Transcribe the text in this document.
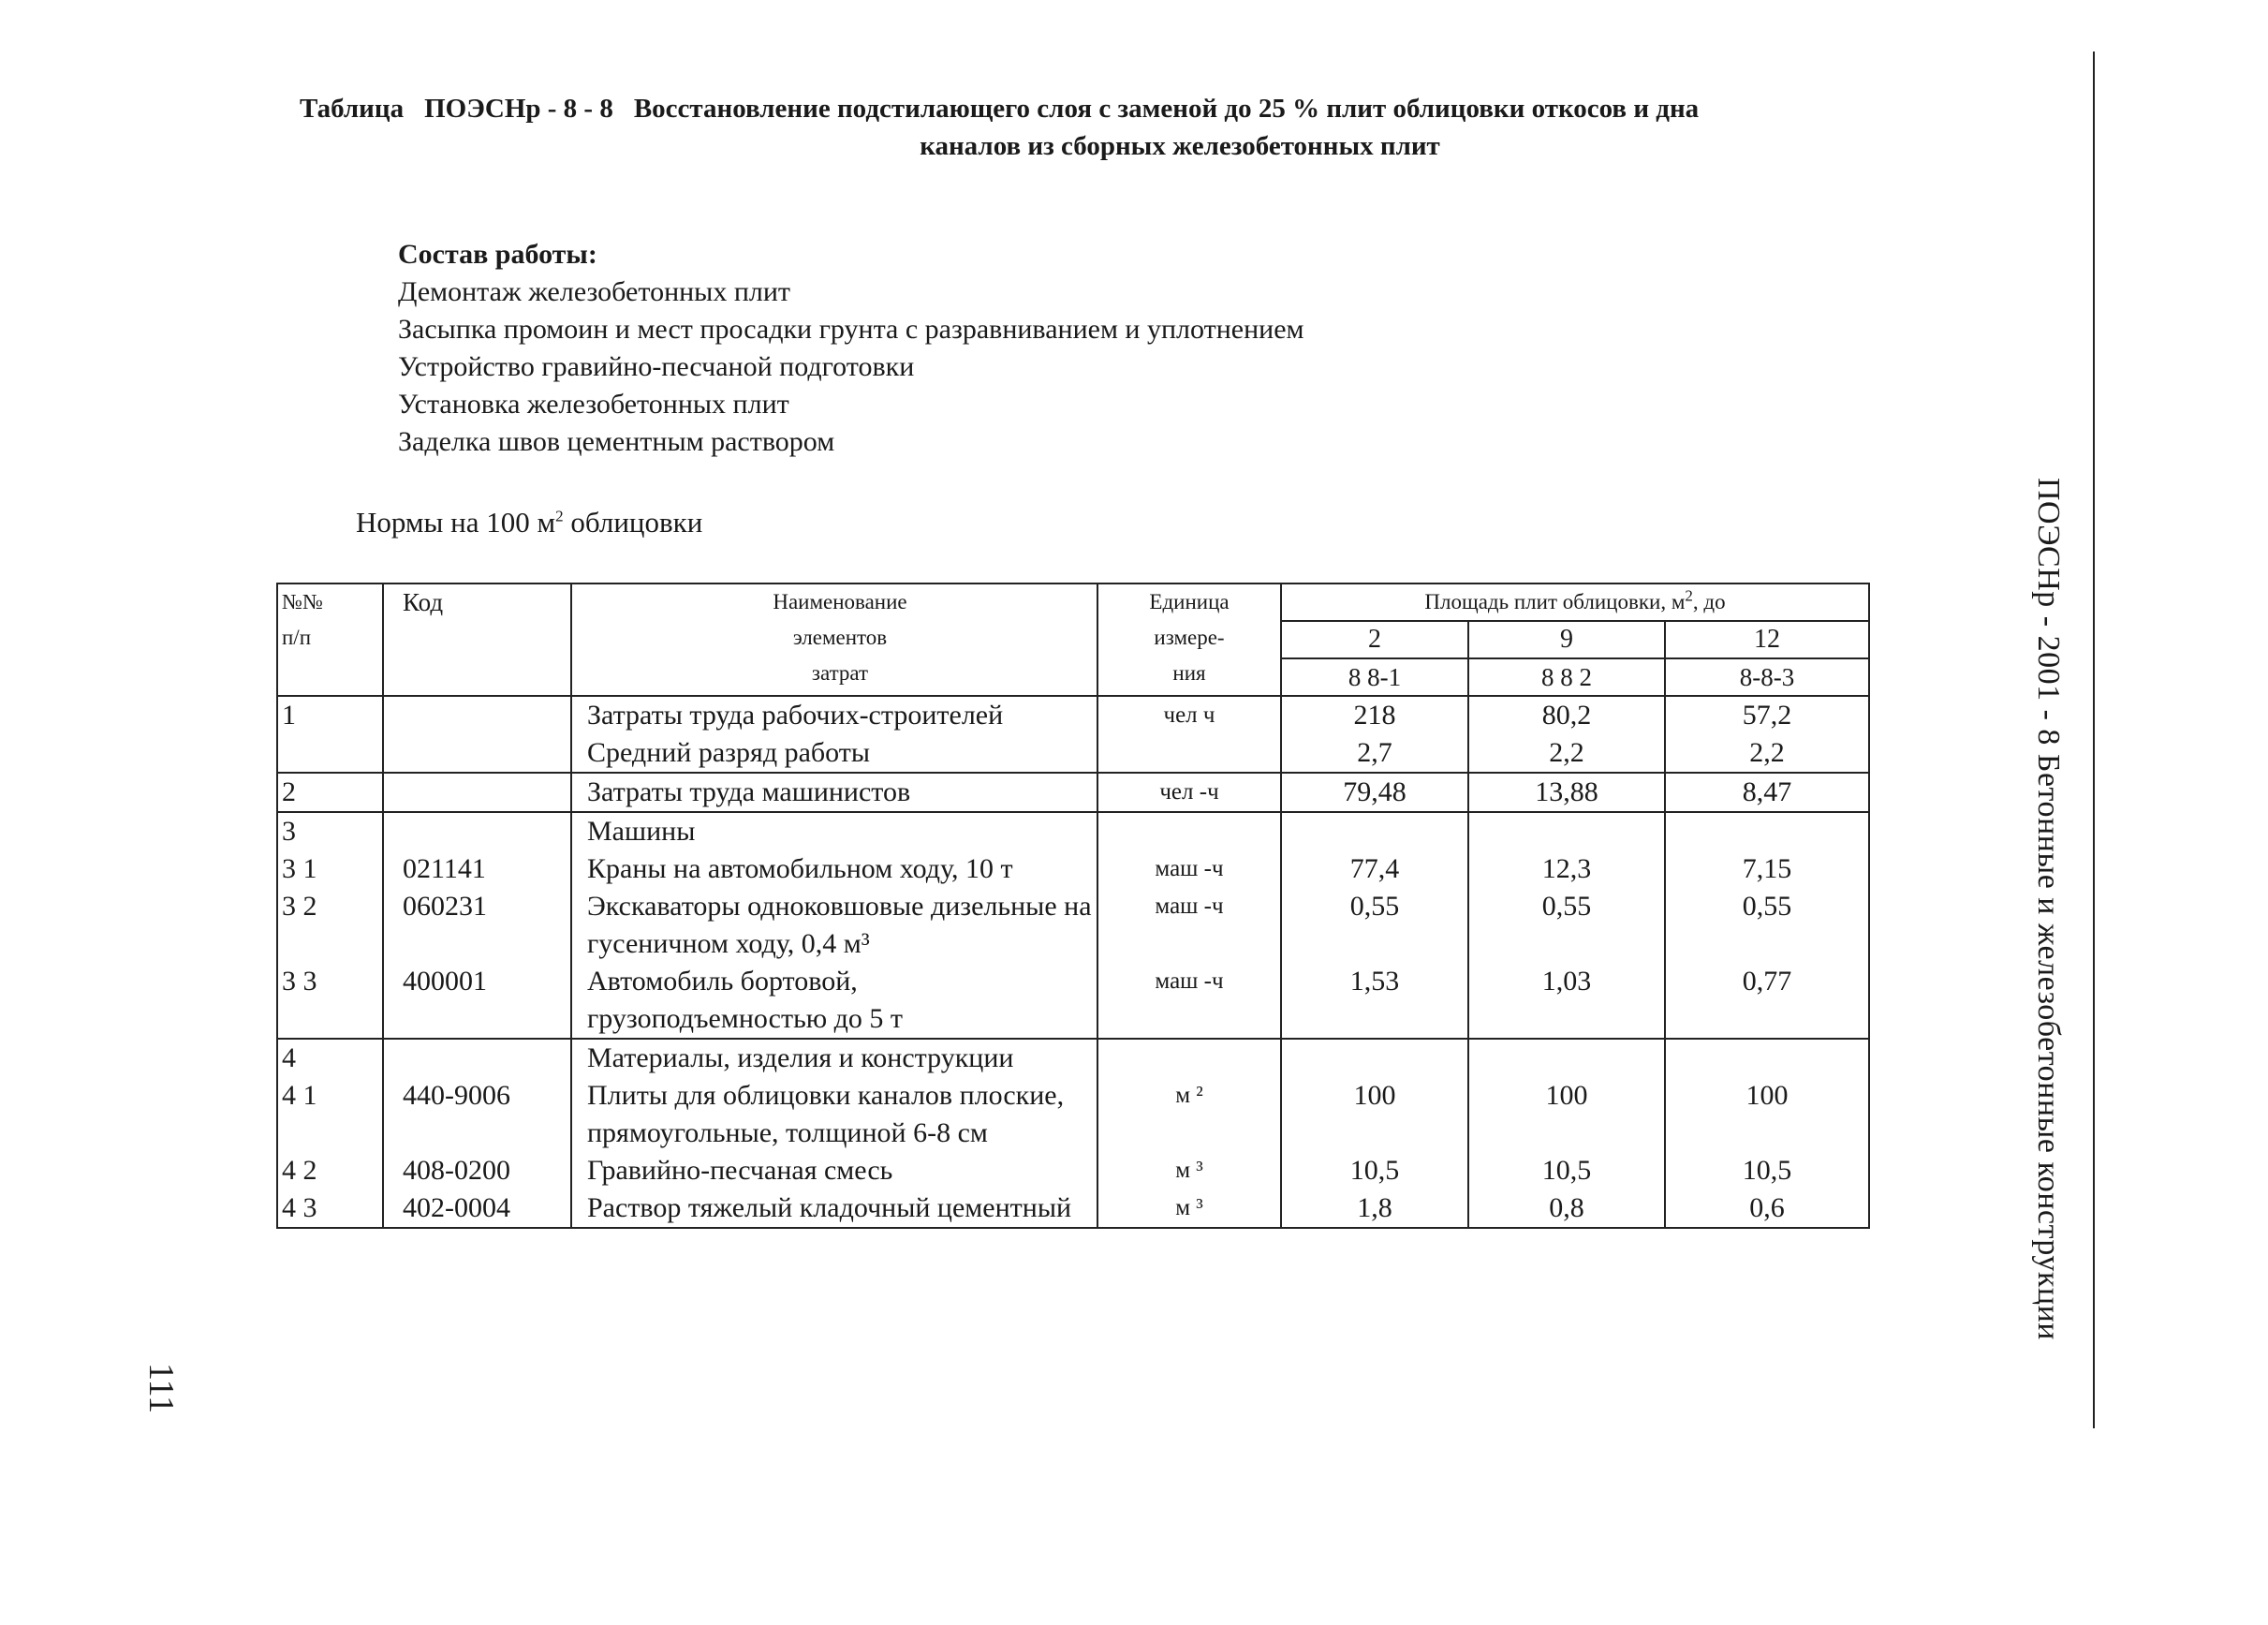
Таблица ПОЭСНр - 8 - 8 Восстановление подстилающего слоя с заменой до 25 % плит облицовки откосов и дна
каналов из сборных железобетонных плит
Состав работы:
Демонтаж железобетонных плит
Засыпка промоин и мест просадки грунта с разравниванием и уплотнением
Устройство гравийно-песчаной подготовки
Установка железобетонных плит
Заделка швов цементным раствором
Нормы на 100 $м^2$ облицовки	ПОЭСНр - 2001 - 8 Бетонные и железобетонные конструкции
111
№№
п/п	Код	Наименование
элементов
затрат	Единица
измере-
ния	Площадь плит облицовки, $м^2$, до		
				2	9	12
				8 8-1	8 8 2	8-8-3
1		Затраты труда рабочих-строителей	чел ч	218	80,2	57,2
		Средний разряд работы		2,7	2,2	2,2
2		Затраты труда машинистов	чел -ч	79,48	13,88	8,47
3		Машины				
3 1	021141	Краны на автомобильном ходу, 10 т	маш -ч	77,4	12,3	7,15
3 2	060231	Экскаваторы одноковшовые дизельные на гусеничном ходу, 0,4 м³	маш -ч	0,55	0,55	0,55
3 3	400001	Автомобиль бортовой, грузоподъемностью до 5 т	маш -ч	1,53	1,03	0,77
4		Материалы, изделия и конструкции				
4 1	440-9006	Плиты для облицовки каналов плоские, прямоугольные, толщиной 6-8 см	м ²	100	100	100
4 2	408-0200	Гравийно-песчаная смесь	м ³	10,5	10,5	10,5
4 3	402-0004	Раствор тяжелый кладочный цементный	м ³	1,8	0,8	0,6
